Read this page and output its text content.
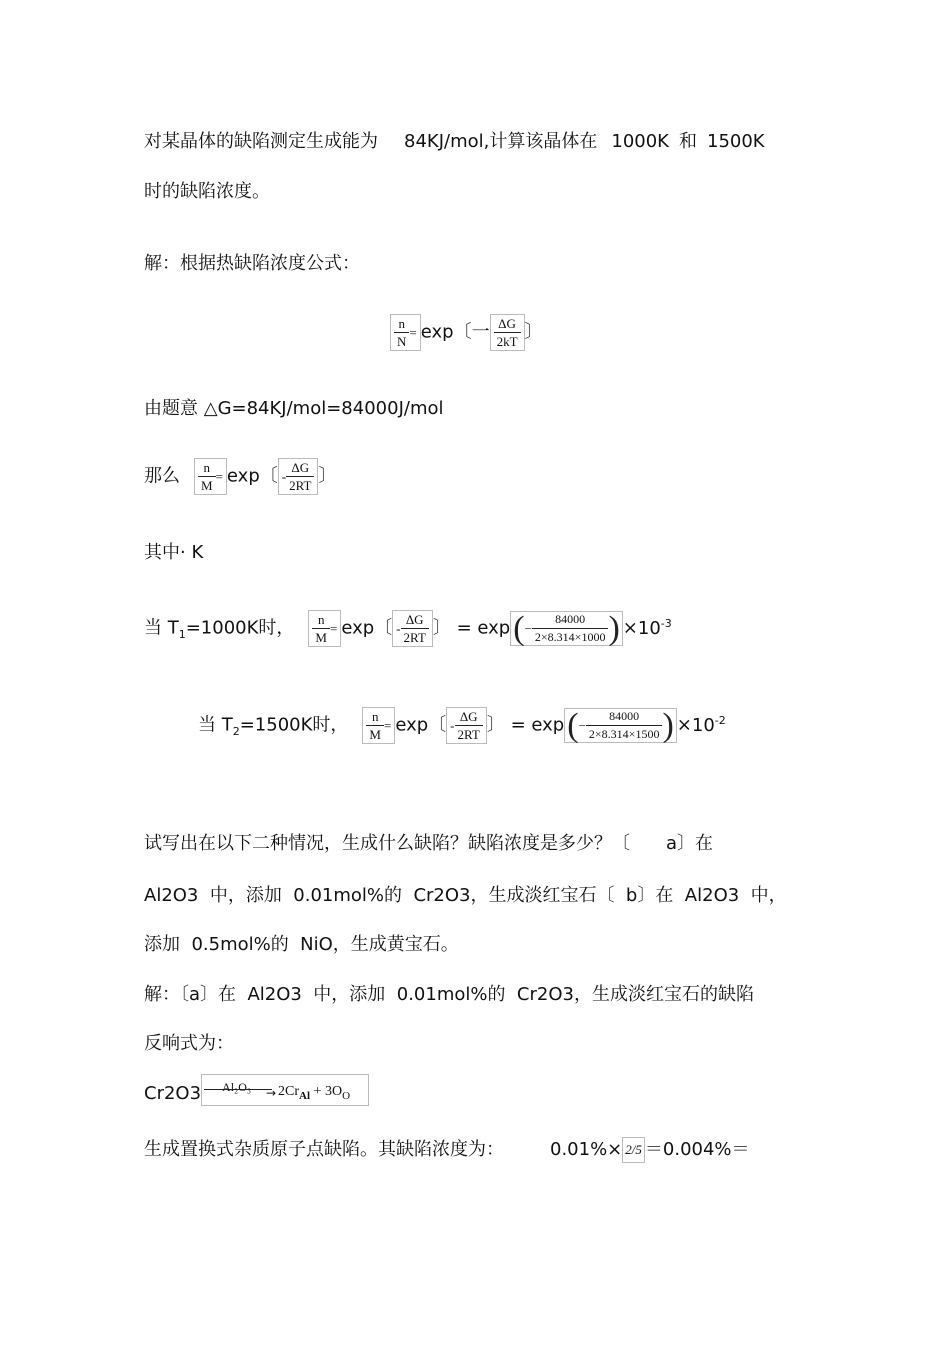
对某晶体的缺陷测定生成能为 84KJ/mol,计算该晶体在 1000K 和 1500K
时的缺陷浓度。
解：根据热缺陷浓度公式：
$\frac{n}{N} = \exp$〔一 $\frac{\Delta G}{2kT}$ 〕
由题意 △G=84KJ/mol=84000J/mol
那么 $\frac{n}{M} = \exp$〔 - $\frac{\Delta G}{2RT}$ 〕
其中· K
当 $T_1=1000K$时， $\frac{n}{M} = \exp$〔 - $\frac{\Delta G}{2RT}$ 〕 = exp ( − $\frac{84000}{2\times 8.314\times 1000}$ ) $\times 10^{-3}$
当 $T_2=1500K$时， $\frac{n}{M} = \exp$〔 - $\frac{\Delta G}{2RT}$ 〕 = exp ( − $\frac{84000}{2\times 8.314\times 1500}$ ) $\times 10^{-2}$
试写出在以下二种情况，生成什么缺陷？缺陷浓度是多少？〔 a〕在
Al2O3  中，添加  0.01mol%的  Cr2O3，生成淡红宝石〔  b〕在  Al2O3  中，
添加  0.5mol%的  NiO，生成黄宝石。
解：〔a〕在  Al2O3  中，添加  0.01mol%的  Cr2O3，生成淡红宝石的缺陷
反响式为：
Cr2O3 $Al_2O_3 \to 2Cr_{Al} + 3O_O$
生成置换式杂质原子点缺陷。其缺陷浓度为：	0.01%× 2/5 ＝0.004%＝
